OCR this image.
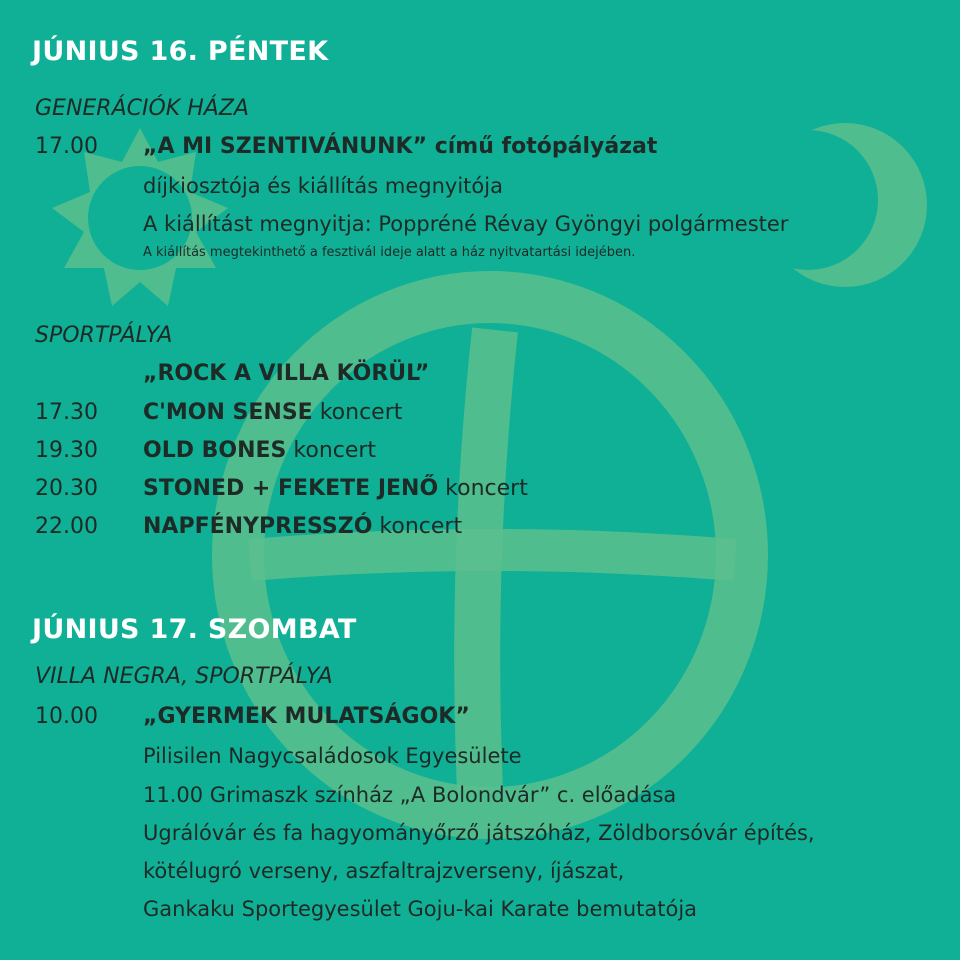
JÚNIUS 16. PÉNTEK
GENERÁCIÓK HÁZA
17.00 „A MI SZENTIVÁNUNK” című fotópályázat
díjkiosztója és kiállítás megnyitója
A kiállítást megnyitja: Poppréné Révay Gyöngyi polgármester
A kiállítás megtekinthető a fesztivál ideje alatt a ház nyitvatartási idejében.
SPORTPÁLYA
„ROCK A VILLA KÖRÜL”
17.30 C'MON SENSE koncert
19.30 OLD BONES koncert
20.30 STONED + FEKETE JENŐ koncert
22.00 NAPFÉNYPRESSZÓ koncert
JÚNIUS 17. SZOMBAT
VILLA NEGRA, SPORTPÁLYA
10.00 „GYERMEK MULATSÁGOK”
Pilisilen Nagycsaládosok Egyesülete
11.00 Grimaszk színház „A Bolondvár” c. előadása
Ugrálóvár és fa hagyományőrző játszóház, Zöldborsóvár építés,
kötélugró verseny, aszfaltrajzverseny, íjászat,
Gankaku Sportegyesület Goju-kai Karate bemutatója
